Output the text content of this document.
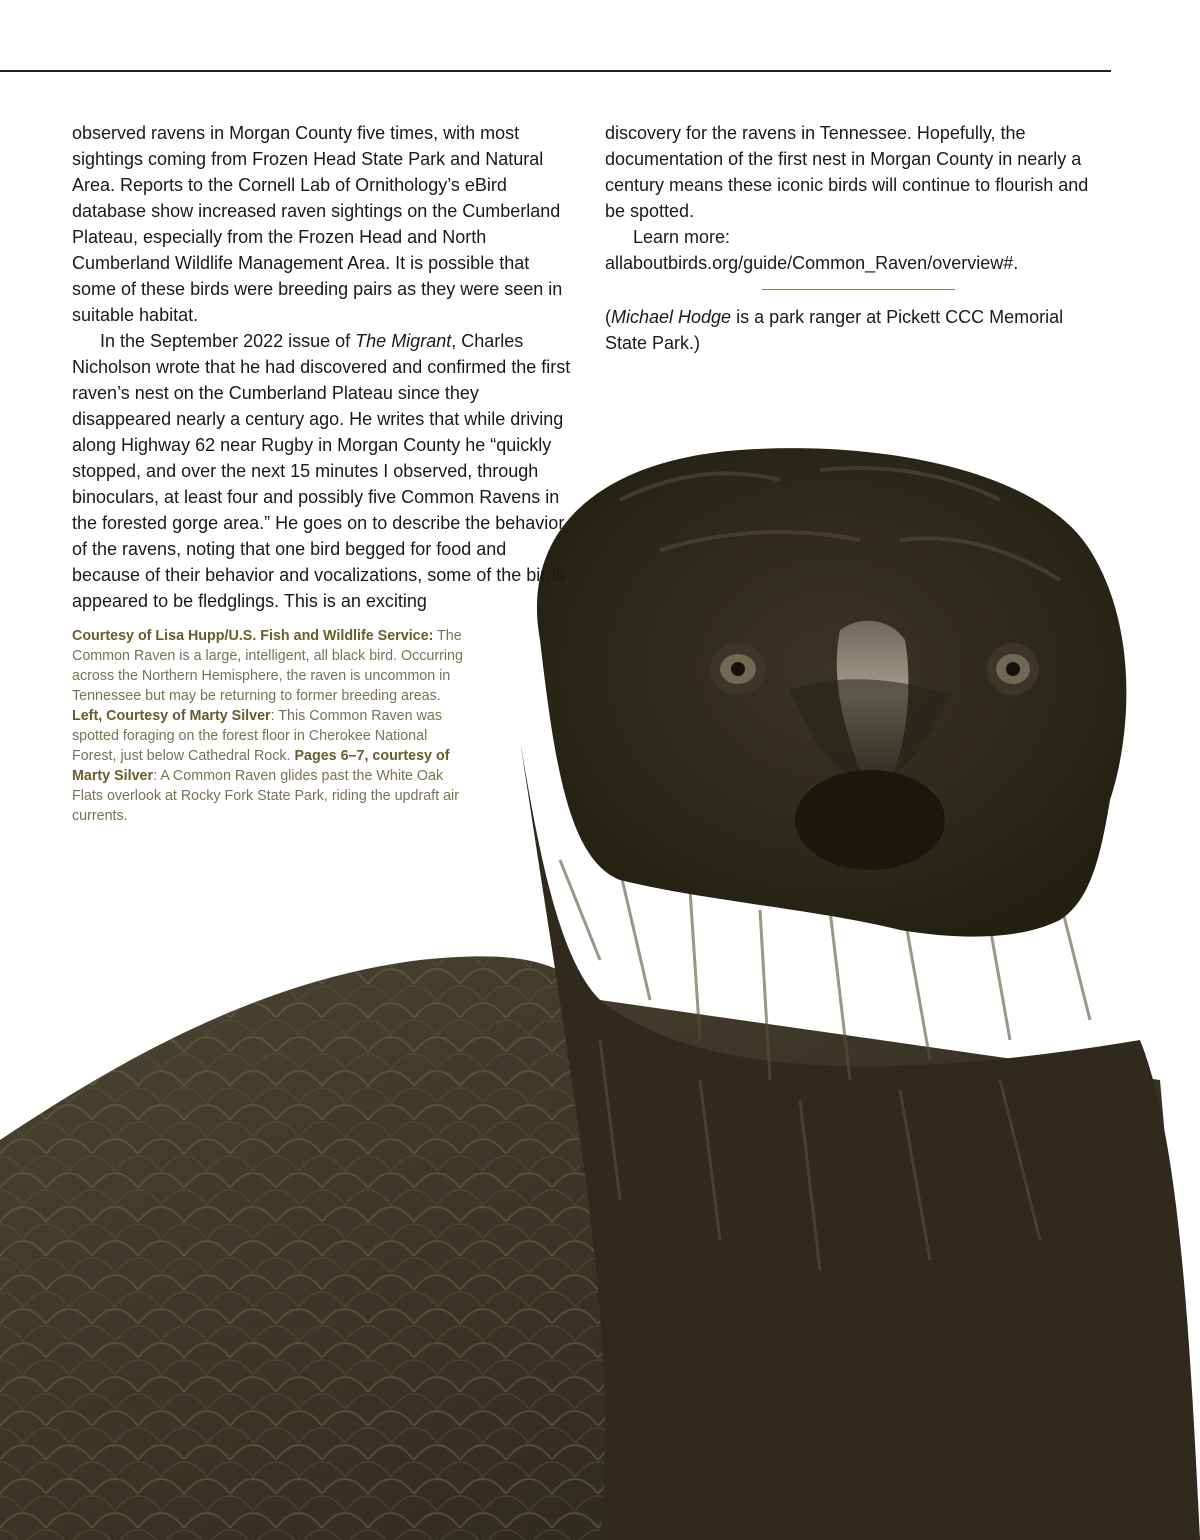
observed ravens in Morgan County five times, with most sightings coming from Frozen Head State Park and Natural Area. Reports to the Cornell Lab of Ornithology’s eBird database show increased raven sightings on the Cumberland Plateau, especially from the Frozen Head and North Cumberland Wildlife Management Area. It is possible that some of these birds were breeding pairs as they were seen in suitable habitat.

In the September 2022 issue of The Migrant, Charles Nicholson wrote that he had discovered and confirmed the first raven’s nest on the Cumberland Plateau since they disappeared nearly a century ago. He writes that while driving along Highway 62 near Rugby in Morgan County he “quickly stopped, and over the next 15 minutes I observed, through binoculars, at least four and possibly five Common Ravens in the forested gorge area.” He goes on to describe the behavior of the ravens, noting that one bird begged for food and because of their behavior and vocalizations, some of the birds appeared to be fledglings. This is an exciting

discovery for the ravens in Tennessee. Hopefully, the documentation of the first nest in Morgan County in nearly a century means these iconic birds will continue to flourish and be spotted.

Learn more: allaboutbirds.org/guide/Common_Raven/overview#.

(Michael Hodge is a park ranger at Pickett CCC Memorial State Park.)

Courtesy of Lisa Hupp/U.S. Fish and Wildlife Service: The Common Raven is a large, intelligent, all black bird. Occurring across the Northern Hemisphere, the raven is uncommon in Tennessee but may be returning to former breeding areas. Left, Courtesy of Marty Silver: This Common Raven was spotted foraging on the forest floor in Cherokee National Forest, just below Cathedral Rock. Pages 6–7, courtesy of Marty Silver: A Common Raven glides past the White Oak Flats overlook at Rocky Fork State Park, riding the updraft air currents.
